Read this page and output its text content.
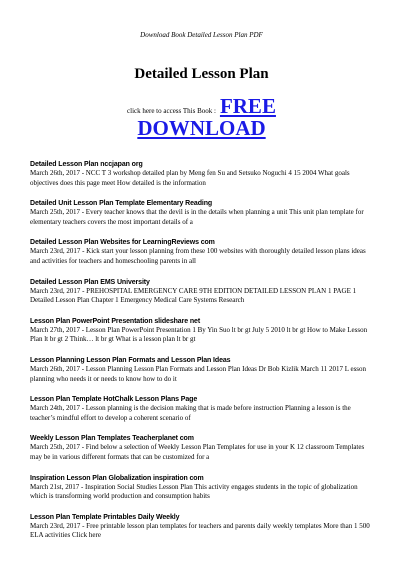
Download Book Detailed Lesson Plan PDF
Detailed Lesson Plan
click here to access This Book : FREE
DOWNLOAD
Detailed Lesson Plan nccjapan org
March 26th, 2017 - NCC T 3 workshop detailed plan by Meng fen Su and Setsuko Noguchi 4 15 2004 What goals objectives does this page meet How detailed is the information
Detailed Unit Lesson Plan Template Elementary Reading
March 25th, 2017 - Every teacher knows that the devil is in the details when planning a unit This unit plan template for elementary teachers covers the most important details of a
Detailed Lesson Plan Websites for LearningReviews com
March 23rd, 2017 - Kick start your lesson planning from these 100 websites with thoroughly detailed lesson plans ideas and activities for teachers and homeschooling parents in all
Detailed Lesson Plan EMS University
March 23rd, 2017 - PREHOSPITAL EMERGENCY CARE 9TH EDITION DETAILED LESSON PLAN 1 PAGE 1 Detailed Lesson Plan Chapter 1 Emergency Medical Care Systems Research
Lesson Plan PowerPoint Presentation slideshare net
March 27th, 2017 - Lesson Plan PowerPoint Presentation 1 By Yin Suo lt br gt July 5 2010 lt br gt How to Make Lesson Plan lt br gt 2 Think… lt br gt What is a lesson plan lt br gt
Lesson Planning Lesson Plan Formats and Lesson Plan Ideas
March 26th, 2017 - Lesson Planning Lesson Plan Formats and Lesson Plan Ideas Dr Bob Kizlik March 11 2017 L esson planning who needs it or needs to know how to do it
Lesson Plan Template HotChalk Lesson Plans Page
March 24th, 2017 - Lesson planning is the decision making that is made before instruction Planning a lesson is the teacher’s mindful effort to develop a coherent scenario of
Weekly Lesson Plan Templates Teacherplanet com
March 25th, 2017 - Find below a selection of Weekly Lesson Plan Templates for use in your K 12 classroom Templates may be in various different formats that can be customized for a
Inspiration Lesson Plan Globalization inspiration com
March 21st, 2017 - Inspiration Social Studies Lesson Plan This activity engages students in the topic of globalization which is transforming world production and consumption habits
Lesson Plan Template Printables Daily Weekly
March 23rd, 2017 - Free printable lesson plan templates for teachers and parents daily weekly templates More than 1 500 ELA activities Click here
